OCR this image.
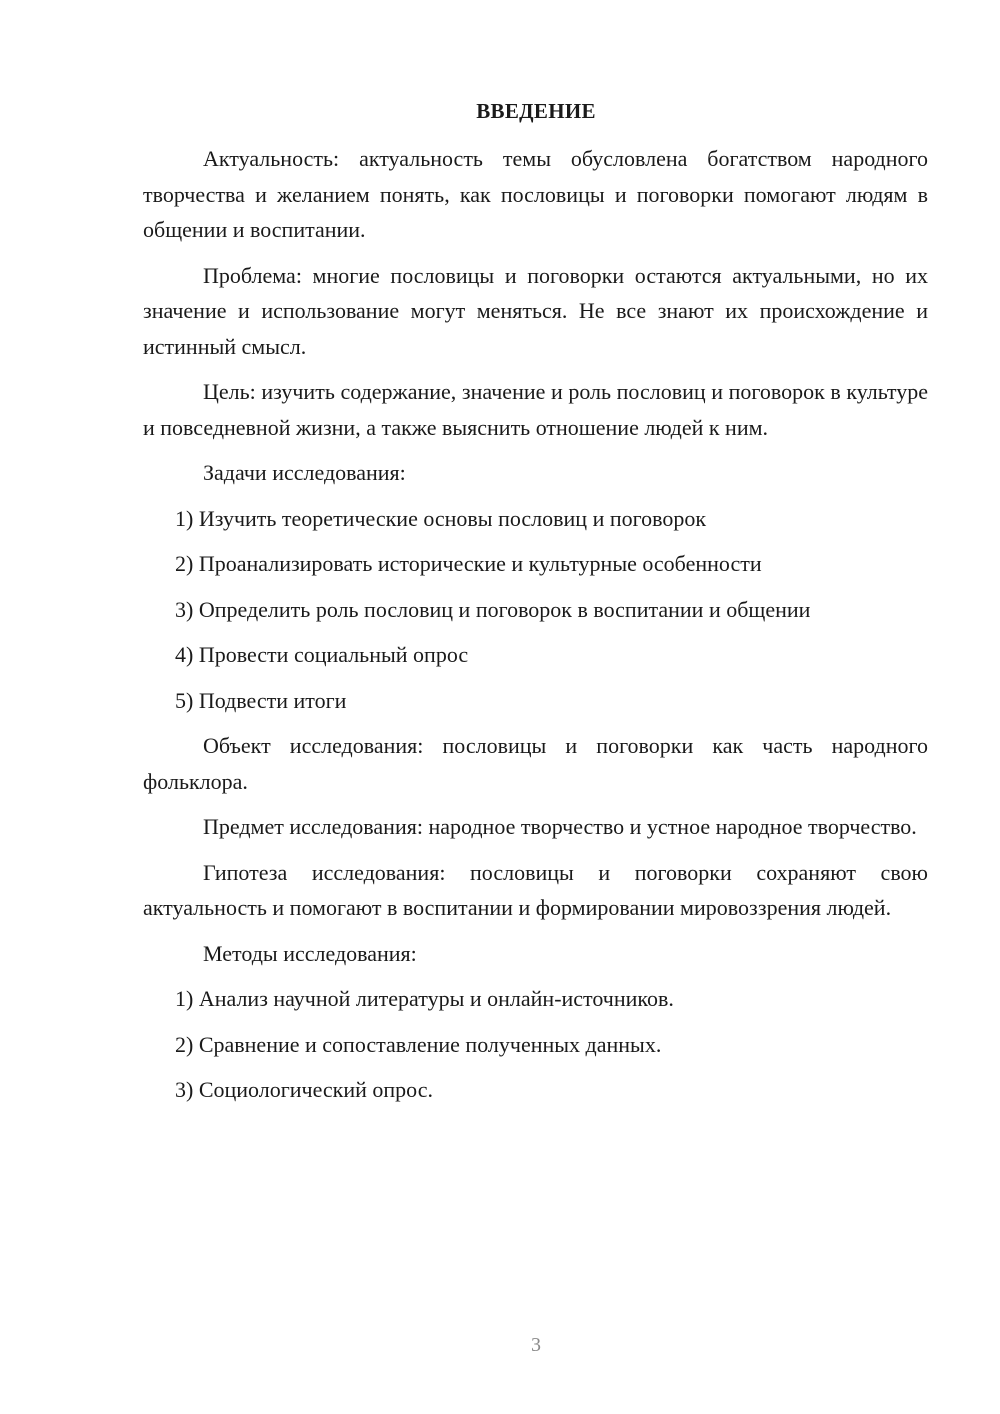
ВВЕДЕНИЕ

Актуальность: актуальность темы обусловлена богатством народного творчества и желанием понять, как пословицы и поговорки помогают людям в общении и воспитании.

Проблема: многие пословицы и поговорки остаются актуальными, но их значение и использование могут меняться. Не все знают их происхождение и истинный смысл.

Цель: изучить содержание, значение и роль пословиц и поговорок в культуре и повседневной жизни, а также выяснить отношение людей к ним.

Задачи исследования:

1) Изучить теоретические основы пословиц и поговорок

2) Проанализировать исторические и культурные особенности

3) Определить роль пословиц и поговорок в воспитании и общении

4) Провести социальный опрос

5) Подвести итоги

Объект исследования: пословицы и поговорки как часть народного фольклора.

Предмет исследования: народное творчество и устное народное творчество.

Гипотеза исследования: пословицы и поговорки сохраняют свою актуальность и помогают в воспитании и формировании мировоззрения людей.

Методы исследования:

1) Анализ научной литературы и онлайн-источников.

2) Сравнение и сопоставление полученных данных.

3) Социологический опрос.

3
